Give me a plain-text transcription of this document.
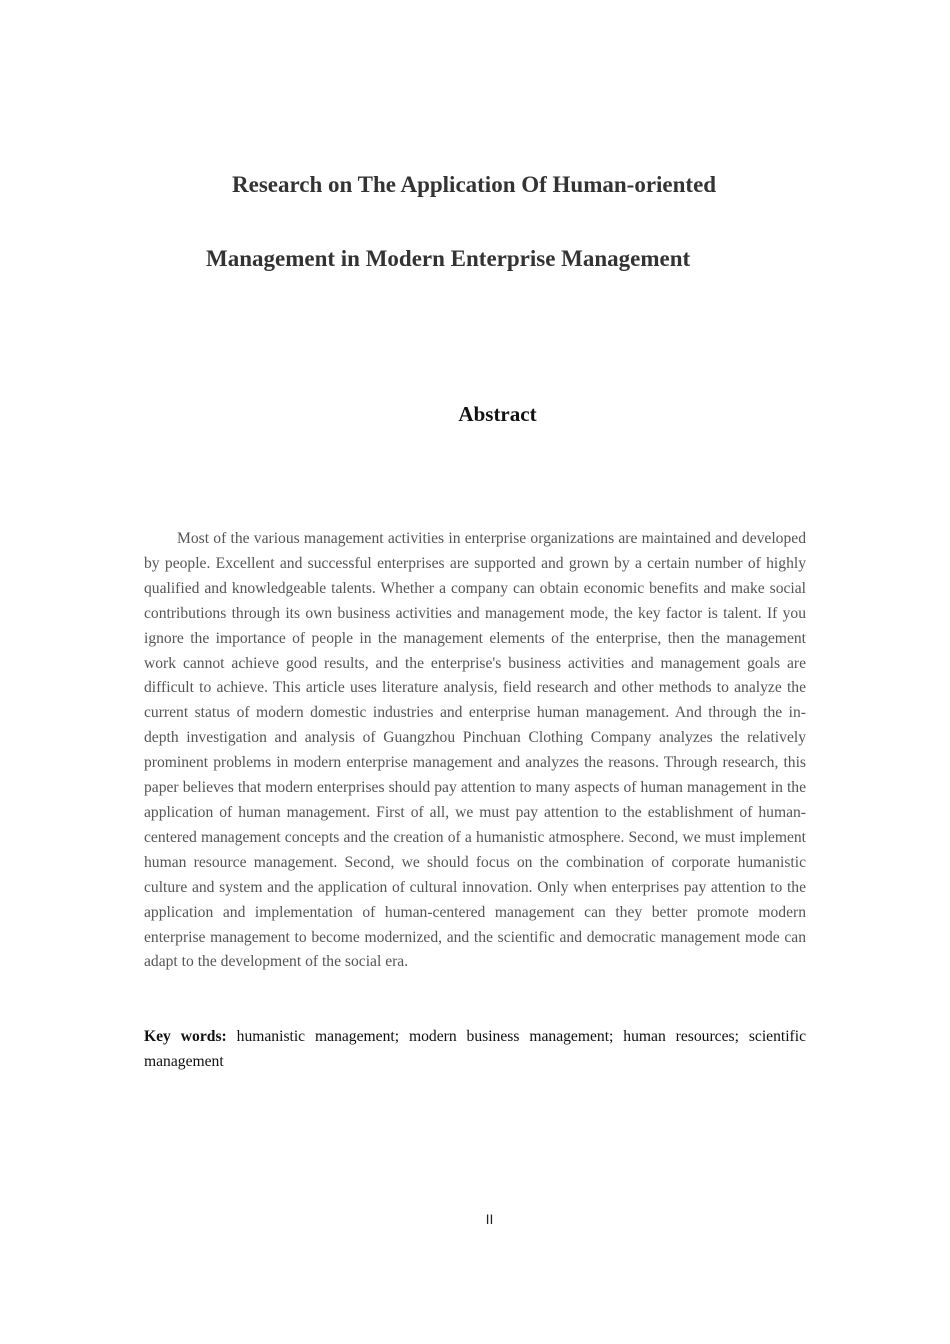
Research on The Application Of Human-oriented
Management in Modern Enterprise Management
Abstract

Most of the various management activities in enterprise organizations are maintained and developed by people. Excellent and successful enterprises are supported and grown by a certain number of highly qualified and knowledgeable talents. Whether a company can obtain economic benefits and make social contributions through its own business activities and management mode, the key factor is talent. If you ignore the importance of people in the management elements of the enterprise, then the management work cannot achieve good results, and the enterprise's business activities and management goals are difficult to achieve. This article uses literature analysis, field research and other methods to analyze the current status of modern domestic industries and enterprise human management. And through the in-depth investigation and analysis of Guangzhou Pinchuan Clothing Company analyzes the relatively prominent problems in modern enterprise management and analyzes the reasons. Through research, this paper believes that modern enterprises should pay attention to many aspects of human management in the application of human management. First of all, we must pay attention to the establishment of human-centered management concepts and the creation of a humanistic atmosphere. Second, we must implement human resource management. Second, we should focus on the combination of corporate humanistic culture and system and the application of cultural innovation. Only when enterprises pay attention to the application and implementation of human-centered management can they better promote modern enterprise management to become modernized, and the scientific and democratic management mode can adapt to the development of the social era.

Key words: humanistic management; modern business management; human resources; scientific management

II
